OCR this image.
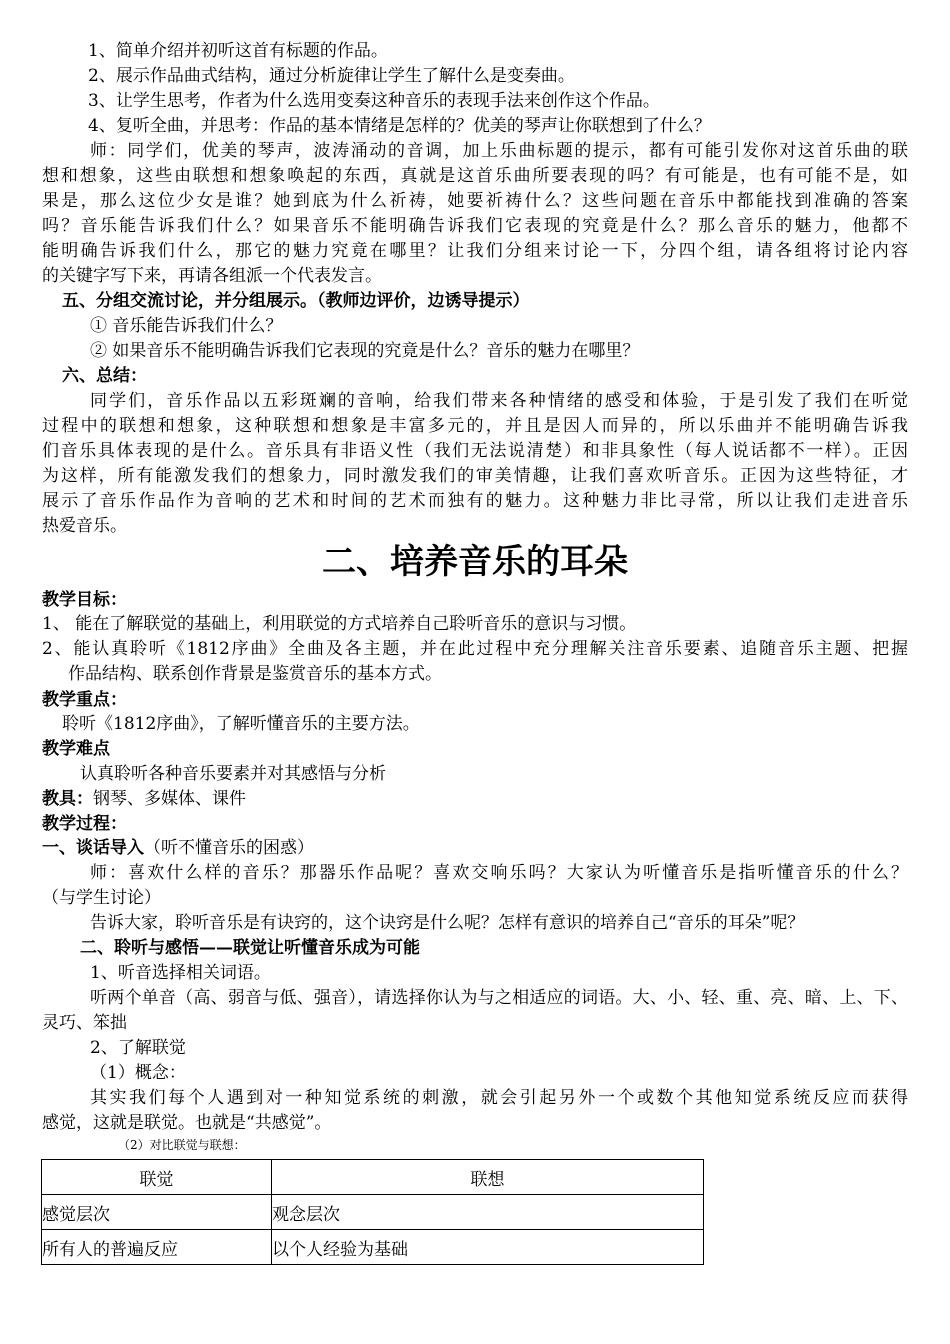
1、简单介绍并初听这首有标题的作品。
2、展示作品曲式结构，通过分析旋律让学生了解什么是变奏曲。
3、让学生思考，作者为什么选用变奏这种音乐的表现手法来创作这个作品。
4、复听全曲，并思考：作品的基本情绪是怎样的？优美的琴声让你联想到了什么？
师：同学们，优美的琴声，波涛涌动的音调，加上乐曲标题的提示，都有可能引发你对这首乐曲的联
想和想象，这些由联想和想象唤起的东西，真就是这首乐曲所要表现的吗？有可能是，也有可能不是，如
果是，那么这位少女是谁？她到底为什么祈祷，她要祈祷什么？这些问题在音乐中都能找到准确的答案
吗？音乐能告诉我们什么？如果音乐不能明确告诉我们它表现的究竟是什么？那么音乐的魅力，他都不
能明确告诉我们什么，那它的魅力究竟在哪里？让我们分组来讨论一下，分四个组，请各组将讨论内容
的关键字写下来，再请各组派一个代表发言。
五、分组交流讨论，并分组展示。（教师边评价，边诱导提示）
① 音乐能告诉我们什么？
② 如果音乐不能明确告诉我们它表现的究竟是什么？音乐的魅力在哪里？
六、总结：
同学们，音乐作品以五彩斑斓的音响，给我们带来各种情绪的感受和体验，于是引发了我们在听觉
过程中的联想和想象，这种联想和想象是丰富多元的，并且是因人而异的，所以乐曲并不能明确告诉我
们音乐具体表现的是什么。音乐具有非语义性（我们无法说清楚）和非具象性（每人说话都不一样）。正因
为这样，所有能激发我们的想象力，同时激发我们的审美情趣，让我们喜欢听音乐。正因为这些特征，才
展示了音乐作品作为音响的艺术和时间的艺术而独有的魅力。这种魅力非比寻常，所以让我们走进音乐
热爱音乐。
二、培养音乐的耳朵
教学目标：
1、 能在了解联觉的基础上，利用联觉的方式培养自己聆听音乐的意识与习惯。
2、能认真聆听《1812序曲》全曲及各主题，并在此过程中充分理解关注音乐要素、追随音乐主题、把握
作品结构、联系创作背景是鉴赏音乐的基本方式。
教学重点：
聆听《1812序曲》，了解听懂音乐的主要方法。
教学难点
认真聆听各种音乐要素并对其感悟与分析
教具：钢琴、多媒体、课件
教学过程：
一、谈话导入（听不懂音乐的困惑）
师：喜欢什么样的音乐？那器乐作品呢？喜欢交响乐吗？大家认为听懂音乐是指听懂音乐的什么？
（与学生讨论）
告诉大家，聆听音乐是有诀窍的，这个诀窍是什么呢？怎样有意识的培养自己“音乐的耳朵”呢？
二、聆听与感悟——联觉让听懂音乐成为可能
1、听音选择相关词语。
听两个单音（高、弱音与低、强音），请选择你认为与之相适应的词语。大、小、轻、重、亮、暗、上、下、
灵巧、笨拙
2、了解联觉
（1）概念：
其实我们每个人遇到对一种知觉系统的刺激，就会引起另外一个或数个其他知觉系统反应而获得
感觉，这就是联觉。也就是“共感觉”。
（2）对比联觉与联想：
联觉	联想
感觉层次	观念层次
所有人的普遍反应	以个人经验为基础
